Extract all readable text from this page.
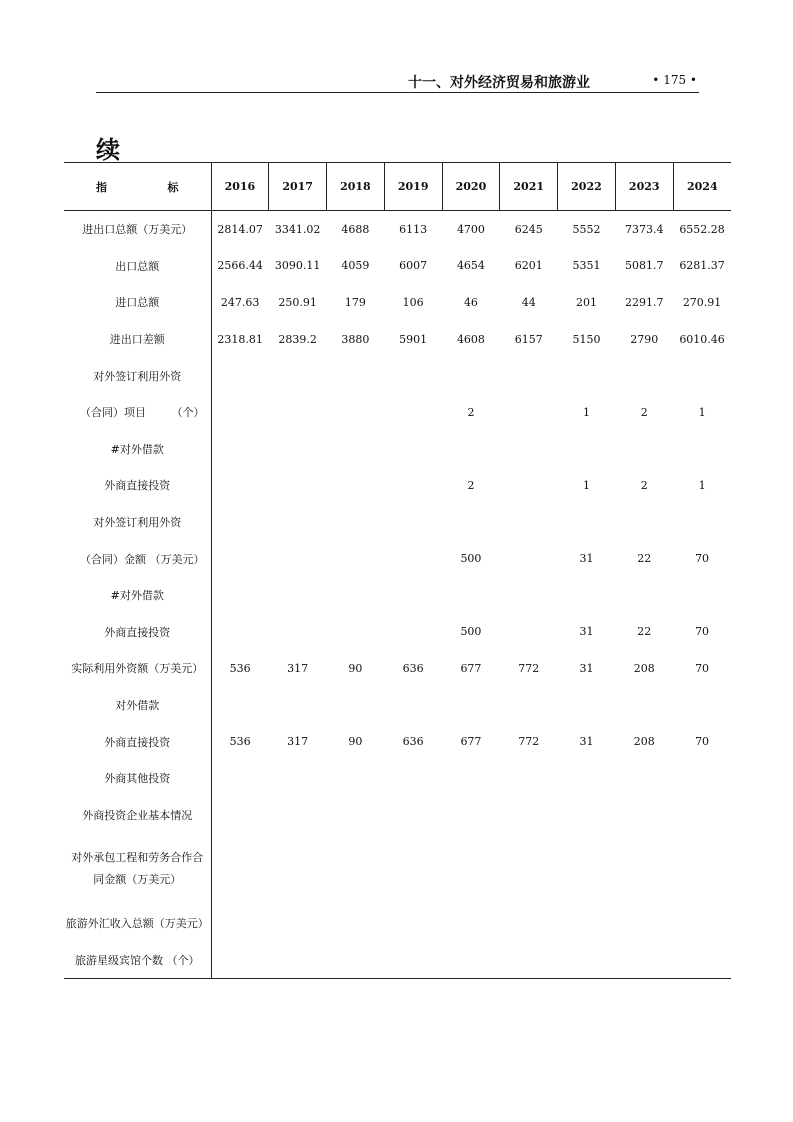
十一、对外经济贸易和旅游业	• 175 •
续
指 标	2016	2017	2018	2019	2020	2021	2022	2023	2024
进出口总额（万美元）	2814.07	3341.02	4688	6113	4700	6245	5552	7373.4	6552.28
出口总额	2566.44	3090.11	4059	6007	4654	6201	5351	5081.7	6281.37
进口总额	247.63	250.91	179	106	46	44	201	2291.7	270.91
进出口差额	2318.81	2839.2	3880	5901	4608	6157	5150	2790	6010.46
对外签订利用外资									

（合同）项目 （个）					2		1	2	1
#对外借款									
外商直接投资					2		1	2	1
对外签订利用外资									

（合同）金额 （万美元）					500		31	22	70
#对外借款									
外商直接投资					500		31	22	70
实际利用外资额（万美元）	536	317	90	636	677	772	31	208	70
对外借款									
外商直接投资	536	317	90	636	677	772	31	208	70
外商其他投资									
外商投资企业基本情况									

对外承包工程和劳务合作合同金额（万美元）									

旅游外汇收入总额（万美元）									
旅游星级宾馆个数 （个）									
